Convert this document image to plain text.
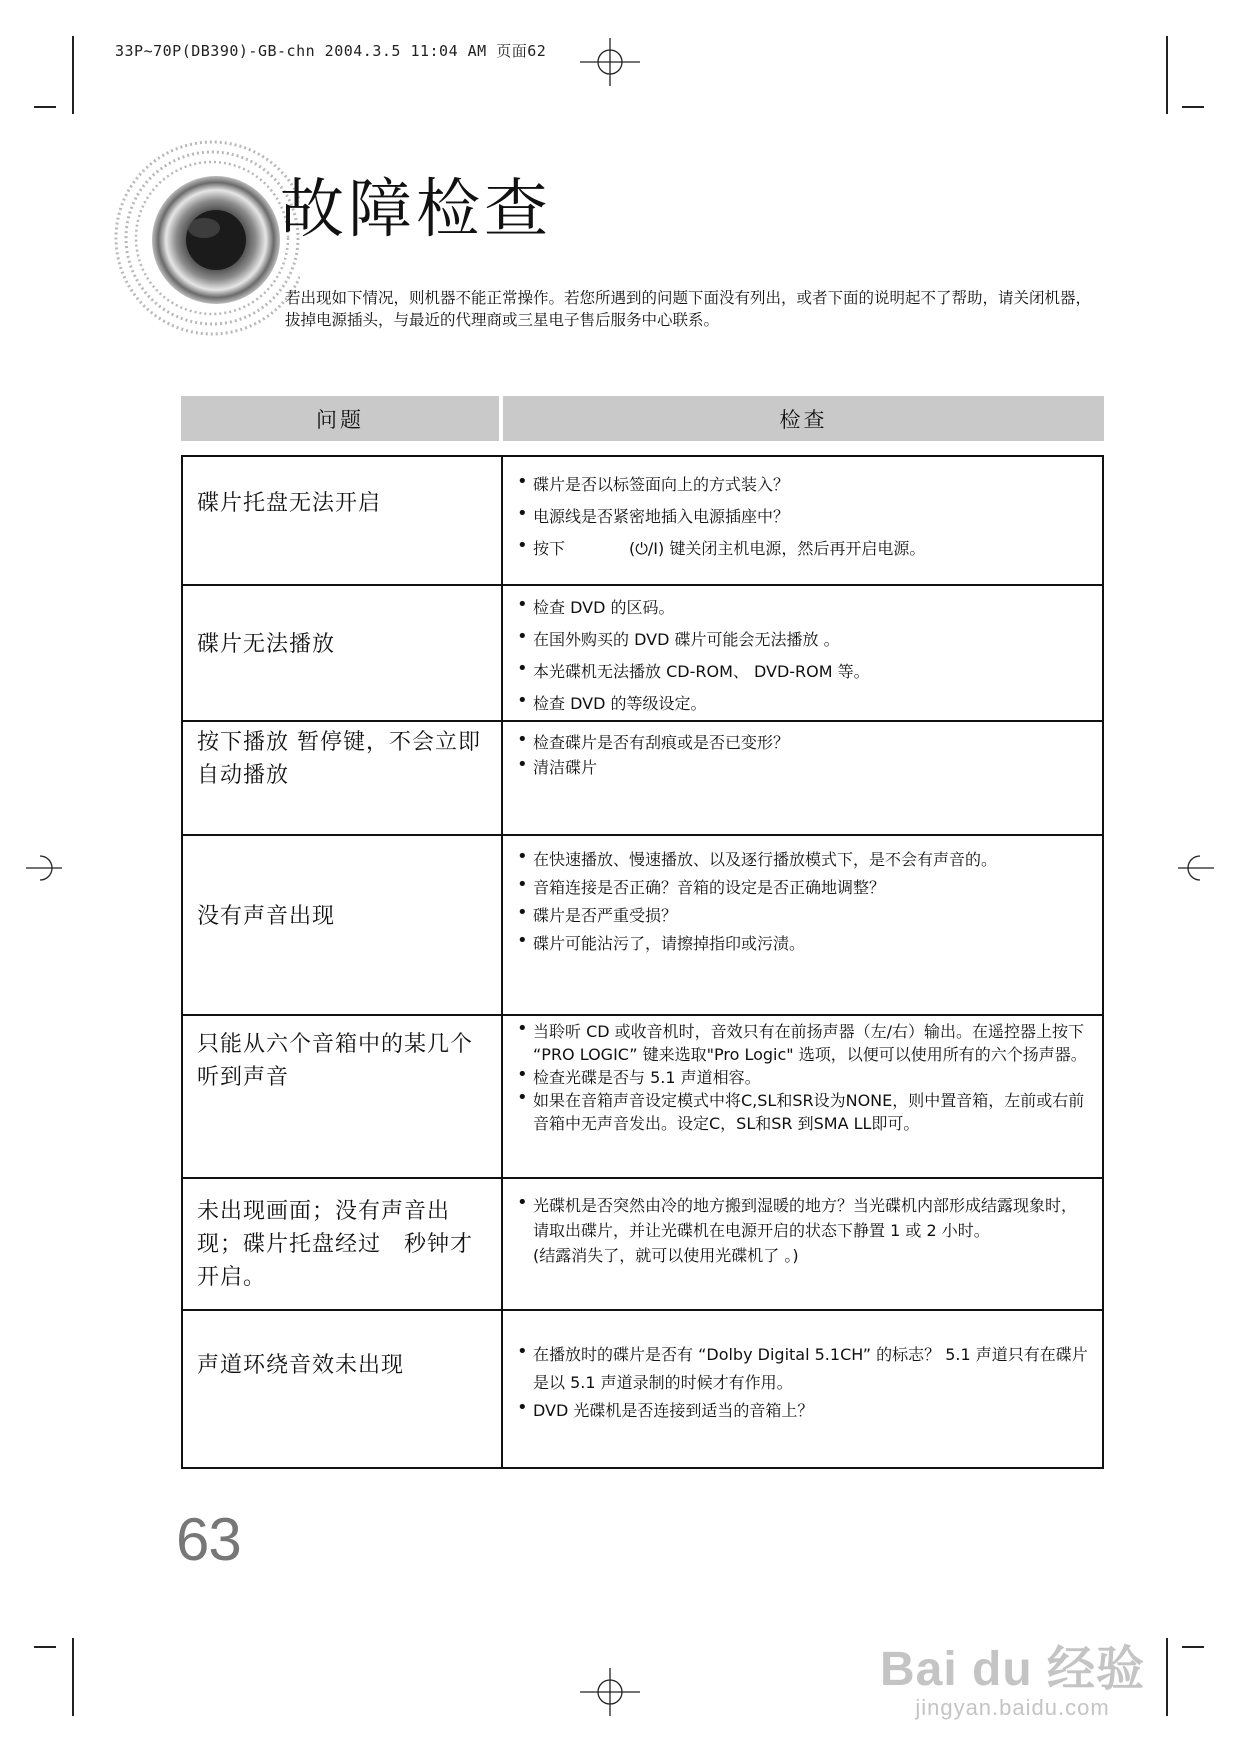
33P~70P(DB390)-GB-chn 2004.3.5 11:04 AM 页面62
故障检查
若出现如下情况，则机器不能正常操作。若您所遇到的问题下面没有列出，或者下面的说明起不了帮助，请关闭机器，拔掉电源插头，与最近的代理商或三星电子售后服务中心联系。
问题	检查
碟片托盘无法开启
• 碟片是否以标签面向上的方式装入？
• 电源线是否紧密地插入电源插座中？
• 按下　　　　(⏻/I) 键关闭主机电源，然后再开启电源。
碟片无法播放
• 检查 DVD 的区码。
• 在国外购买的 DVD 碟片可能会无法播放 。
• 本光碟机无法播放 CD-ROM、 DVD-ROM 等。
• 检查 DVD 的等级设定。
按下播放 暂停键，不会立即自动播放
• 检查碟片是否有刮痕或是否已变形？
• 清洁碟片
没有声音出现
• 在快速播放、慢速播放、以及逐行播放模式下，是不会有声音的。
• 音箱连接是否正确？音箱的设定是否正确地调整？
• 碟片是否严重受损？
• 碟片可能沾污了，请擦掉指印或污渍。
只能从六个音箱中的某几个听到声音
• 当聆听 CD 或收音机时，音效只有在前扬声器（左/右）输出。在遥控器上按下 “PRO LOGIC” 键来选取"Pro Logic" 选项，以便可以使用所有的六个扬声器。
• 检查光碟是否与 5.1 声道相容。
• 如果在音箱声音设定模式中将C,SL和SR设为NONE，则中置音箱，左前或右前音箱中无声音发出。设定C，SL和SR 到SMA LL即可。
未出现画面；没有声音出现；碟片托盘经过　秒钟才开启。
• 光碟机是否突然由冷的地方搬到湿暖的地方？当光碟机内部形成结露现象时，请取出碟片，并让光碟机在电源开启的状态下静置 1 或 2 小时。
(结露消失了，就可以使用光碟机了 。)
声道环绕音效未出现
•	在播放时的碟片是否有 “Dolby Digital 5.1CH” 的标志？ 5.1 声道只有在碟片是以 5.1 声道录制的时候才有作用。
• DVD 光碟机是否连接到适当的音箱上？
63
Bai du 经验
jingyan.baidu.com
